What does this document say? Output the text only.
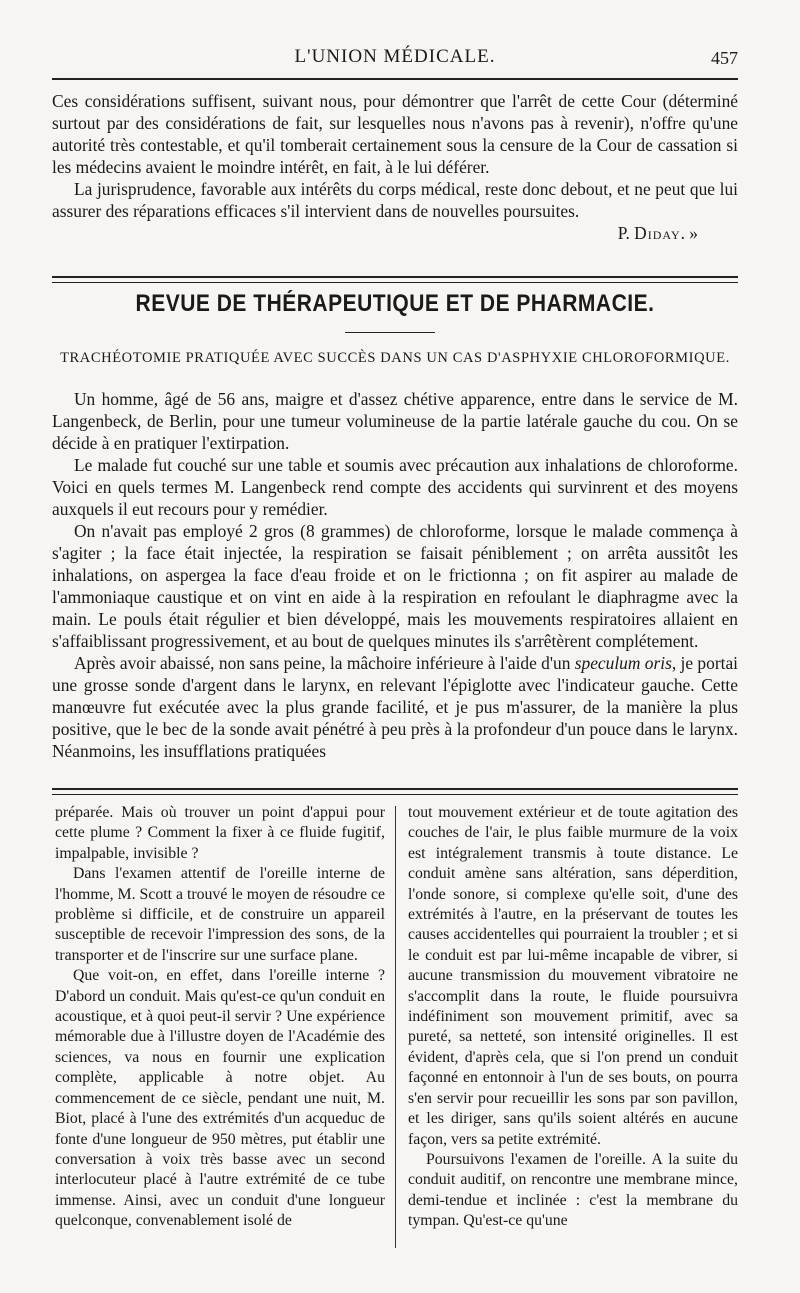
L'UNION MÉDICALE.	457

Ces considérations suffisent, suivant nous, pour démontrer que l'arrêt de cette Cour (déterminé surtout par des considérations de fait, sur lesquelles nous n'avons pas à revenir), n'offre qu'une autorité très contestable, et qu'il tomberait certainement sous la censure de la Cour de cassation si les médecins avaient le moindre intérêt, en fait, à le lui déférer.

La jurisprudence, favorable aux intérêts du corps médical, reste donc debout, et ne peut que lui assurer des réparations efficaces s'il intervient dans de nouvelles poursuites.

P. Diday. »
REVUE DE THÉRAPEUTIQUE ET DE PHARMACIE.
TRACHÉOTOMIE PRATIQUÉE AVEC SUCCÈS DANS UN CAS D'ASPHYXIE CHLOROFORMIQUE.

Un homme, âgé de 56 ans, maigre et d'assez chétive apparence, entre dans le service de M. Langenbeck, de Berlin, pour une tumeur volumineuse de la partie latérale gauche du cou. On se décide à en pratiquer l'extirpation.

Le malade fut couché sur une table et soumis avec précaution aux inhalations de chloroforme. Voici en quels termes M. Langenbeck rend compte des accidents qui survinrent et des moyens auxquels il eut recours pour y remédier.

On n'avait pas employé 2 gros (8 grammes) de chloroforme, lorsque le malade commença à s'agiter ; la face était injectée, la respiration se faisait péniblement ; on arrêta aussitôt les inhalations, on aspergea la face d'eau froide et on le frictionna ; on fit aspirer au malade de l'ammoniaque caustique et on vint en aide à la respiration en refoulant le diaphragme avec la main. Le pouls était régulier et bien développé, mais les mouvements respiratoires allaient en s'affaiblissant progressivement, et au bout de quelques minutes ils s'arrêtèrent complétement.

Après avoir abaissé, non sans peine, la mâchoire inférieure à l'aide d'un speculum oris, je portai une grosse sonde d'argent dans le larynx, en relevant l'épiglotte avec l'indicateur gauche. Cette manœuvre fut exécutée avec la plus grande facilité, et je pus m'assurer, de la manière la plus positive, que le bec de la sonde avait pénétré à peu près à la profondeur d'un pouce dans le larynx. Néanmoins, les insufflations pratiquées

préparée. Mais où trouver un point d'appui pour cette plume ? Comment la fixer à ce fluide fugitif, impalpable, invisible ?

Dans l'examen attentif de l'oreille interne de l'homme, M. Scott a trouvé le moyen de résoudre ce problème si difficile, et de construire un appareil susceptible de recevoir l'impression des sons, de la transporter et de l'inscrire sur une surface plane.

Que voit-on, en effet, dans l'oreille interne ? D'abord un conduit. Mais qu'est-ce qu'un conduit en acoustique, et à quoi peut-il servir ? Une expérience mémorable due à l'illustre doyen de l'Académie des sciences, va nous en fournir une explication complète, applicable à notre objet. Au commencement de ce siècle, pendant une nuit, M. Biot, placé à l'une des extrémités d'un acqueduc de fonte d'une longueur de 950 mètres, put établir une conversation à voix très basse avec un second interlocuteur placé à l'autre extrémité de ce tube immense. Ainsi, avec un conduit d'une longueur quelconque, convenablement isolé de

tout mouvement extérieur et de toute agitation des couches de l'air, le plus faible murmure de la voix est intégralement transmis à toute distance. Le conduit amène sans altération, sans déperdition, l'onde sonore, si complexe qu'elle soit, d'une des extrémités à l'autre, en la préservant de toutes les causes accidentelles qui pourraient la troubler ; et si le conduit est par lui-même incapable de vibrer, si aucune transmission du mouvement vibratoire ne s'accomplit dans la route, le fluide poursuivra indéfiniment son mouvement primitif, avec sa pureté, sa netteté, son intensité originelles. Il est évident, d'après cela, que si l'on prend un conduit façonné en entonnoir à l'un de ses bouts, on pourra s'en servir pour recueillir les sons par son pavillon, et les diriger, sans qu'ils soient altérés en aucune façon, vers sa petite extrémité.

Poursuivons l'examen de l'oreille. A la suite du conduit auditif, on rencontre une membrane mince, demi-tendue et inclinée : c'est la membrane du tympan. Qu'est-ce qu'une
